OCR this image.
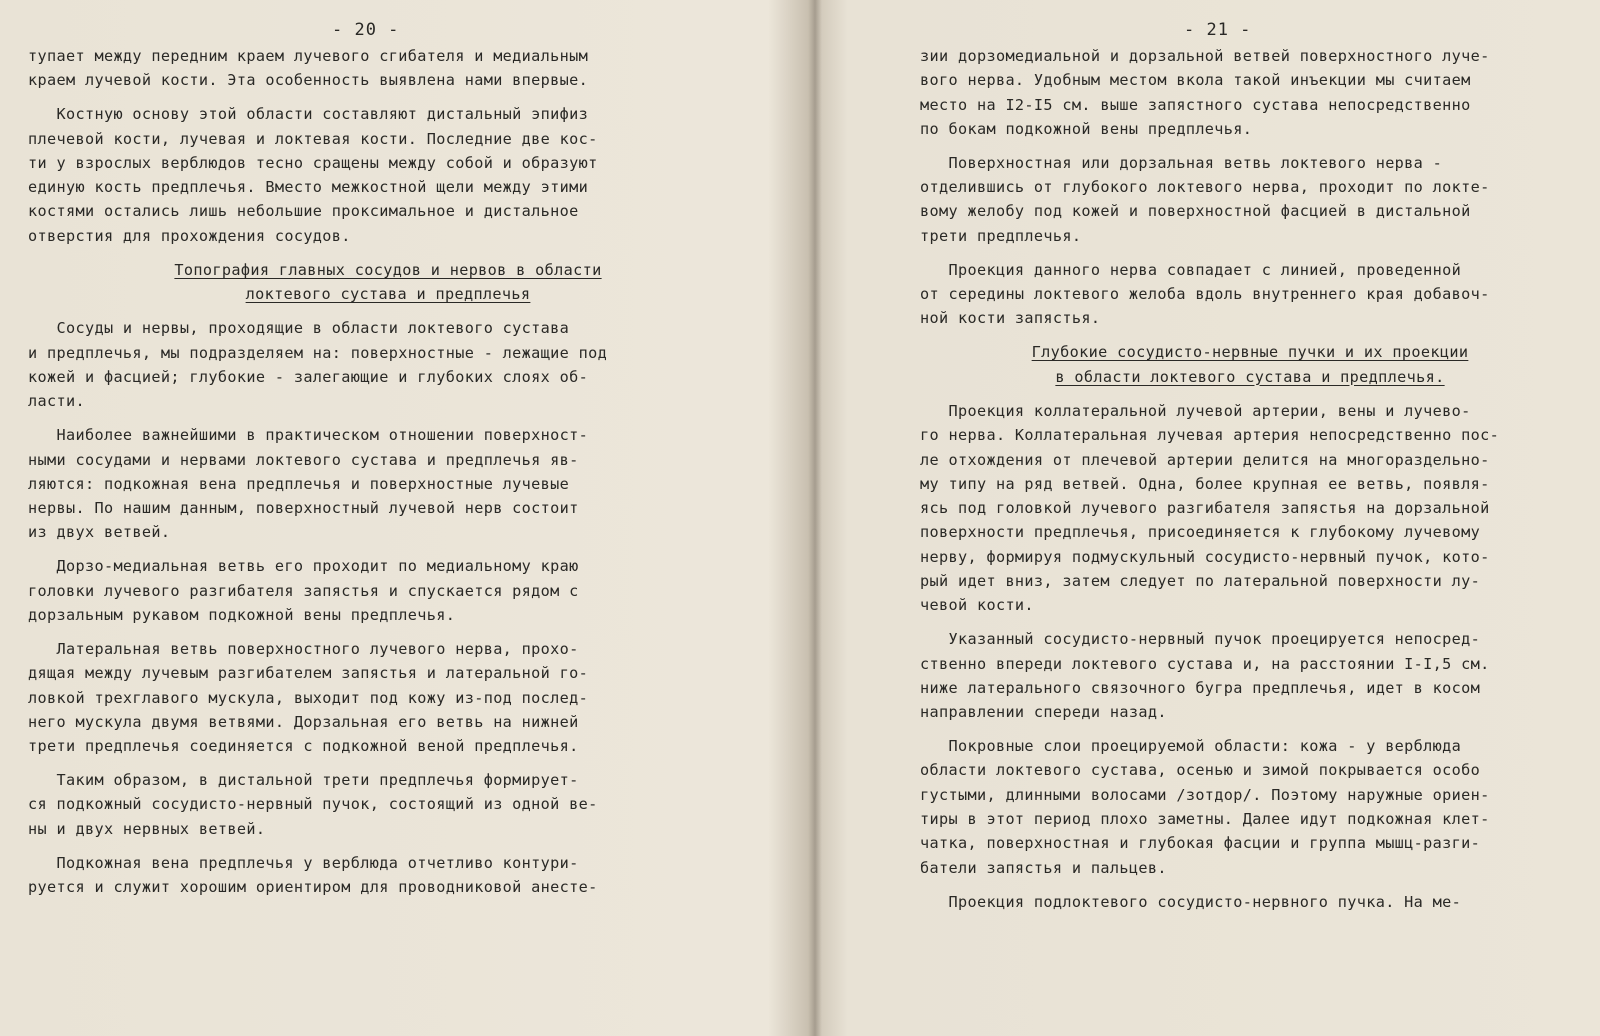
- 20 -
тупает между передним краем лучевого сгибателя и медиальным
краем лучевой кости. Эта особенность выявлена нами впервые.
Костную основу этой области составляют дистальный эпифиз
плечевой кости, лучевая и локтевая кости. Последние две кос-
ти у взрослых верблюдов тесно сращены между собой и образуют
единую кость предплечья. Вместо межкостной щели между этими
костями остались лишь небольшие проксимальное и дистальное
отверстия для прохождения сосудов.
Топография главных сосудов и нервов в области
локтевого сустава и предплечья
Сосуды и нервы, проходящие в области локтевого сустава
и предплечья, мы подразделяем на: поверхностные - лежащие под
кожей и фасцией; глубокие - залегающие и глубоких слоях об-
ласти.
Наиболее важнейшими в практическом отношении поверхност-
ными сосудами и нервами локтевого сустава и предплечья яв-
ляются: подкожная вена предплечья и поверхностные лучевые
нервы. По нашим данным, поверхностный лучевой нерв состоит
из двух ветвей.
Дорзо-медиальная ветвь его проходит по медиальному краю
головки лучевого разгибателя запястья и спускается рядом с
дорзальным рукавом подкожной вены предплечья.
Латеральная ветвь поверхностного лучевого нерва, прохо-
дящая между лучевым разгибателем запястья и латеральной го-
ловкой трехглавого мускула, выходит под кожу из-под послед-
него мускула двумя ветвями. Дорзальная его ветвь на нижней
трети предплечья соединяется с подкожной веной предплечья.
Таким образом, в дистальной трети предплечья формирует-
ся подкожный сосудисто-нервный пучок, состоящий из одной ве-
ны и двух нервных ветвей.
Подкожная вена предплечья у верблюда отчетливо контури-
руется и служит хорошим ориентиром для проводниковой анесте-
- 21 -
зии дорзомедиальной и дорзальной ветвей поверхностного луче-
вого нерва. Удобным местом вкола такой инъекции мы считаем
место на I2-I5 см. выше запястного сустава непосредственно
по бокам подкожной вены предплечья.
Поверхностная или дорзальная ветвь локтевого нерва -
отделившись от глубокого локтевого нерва, проходит по локте-
вому желобу под кожей и поверхностной фасцией в дистальной
трети предплечья.
Проекция данного нерва совпадает с линией, проведенной
от середины локтевого желоба вдоль внутреннего края добавоч-
ной кости запястья.
Глубокие сосудисто-нервные пучки и их проекции
в области локтевого сустава и предплечья.
Проекция коллатеральной лучевой артерии, вены и лучево-
го нерва. Коллатеральная лучевая артерия непосредственно пос-
ле отхождения от плечевой артерии делится на многораздельно-
му типу на ряд ветвей. Одна, более крупная ее ветвь, появля-
ясь под головкой лучевого разгибателя запястья на дорзальной
поверхности предплечья, присоединяется к глубокому лучевому
нерву, формируя подмускульный сосудисто-нервный пучок, кото-
рый идет вниз, затем следует по латеральной поверхности лу-
чевой кости.
Указанный сосудисто-нервный пучок проецируется непосред-
ственно впереди локтевого сустава и, на расстоянии I-I,5 см.
ниже латерального связочного бугра предплечья, идет в косом
направлении спереди назад.
Покровные слои проецируемой области: кожа - у верблюда
области локтевого сустава, осенью и зимой покрывается особо
густыми, длинными волосами /зотдор/. Поэтому наружные ориен-
тиры в этот период плохо заметны. Далее идут подкожная клет-
чатка, поверхностная и глубокая фасции и группа мышц-разги-
батели запястья и пальцев.
Проекция подлоктевого сосудисто-нервного пучка. На ме-
